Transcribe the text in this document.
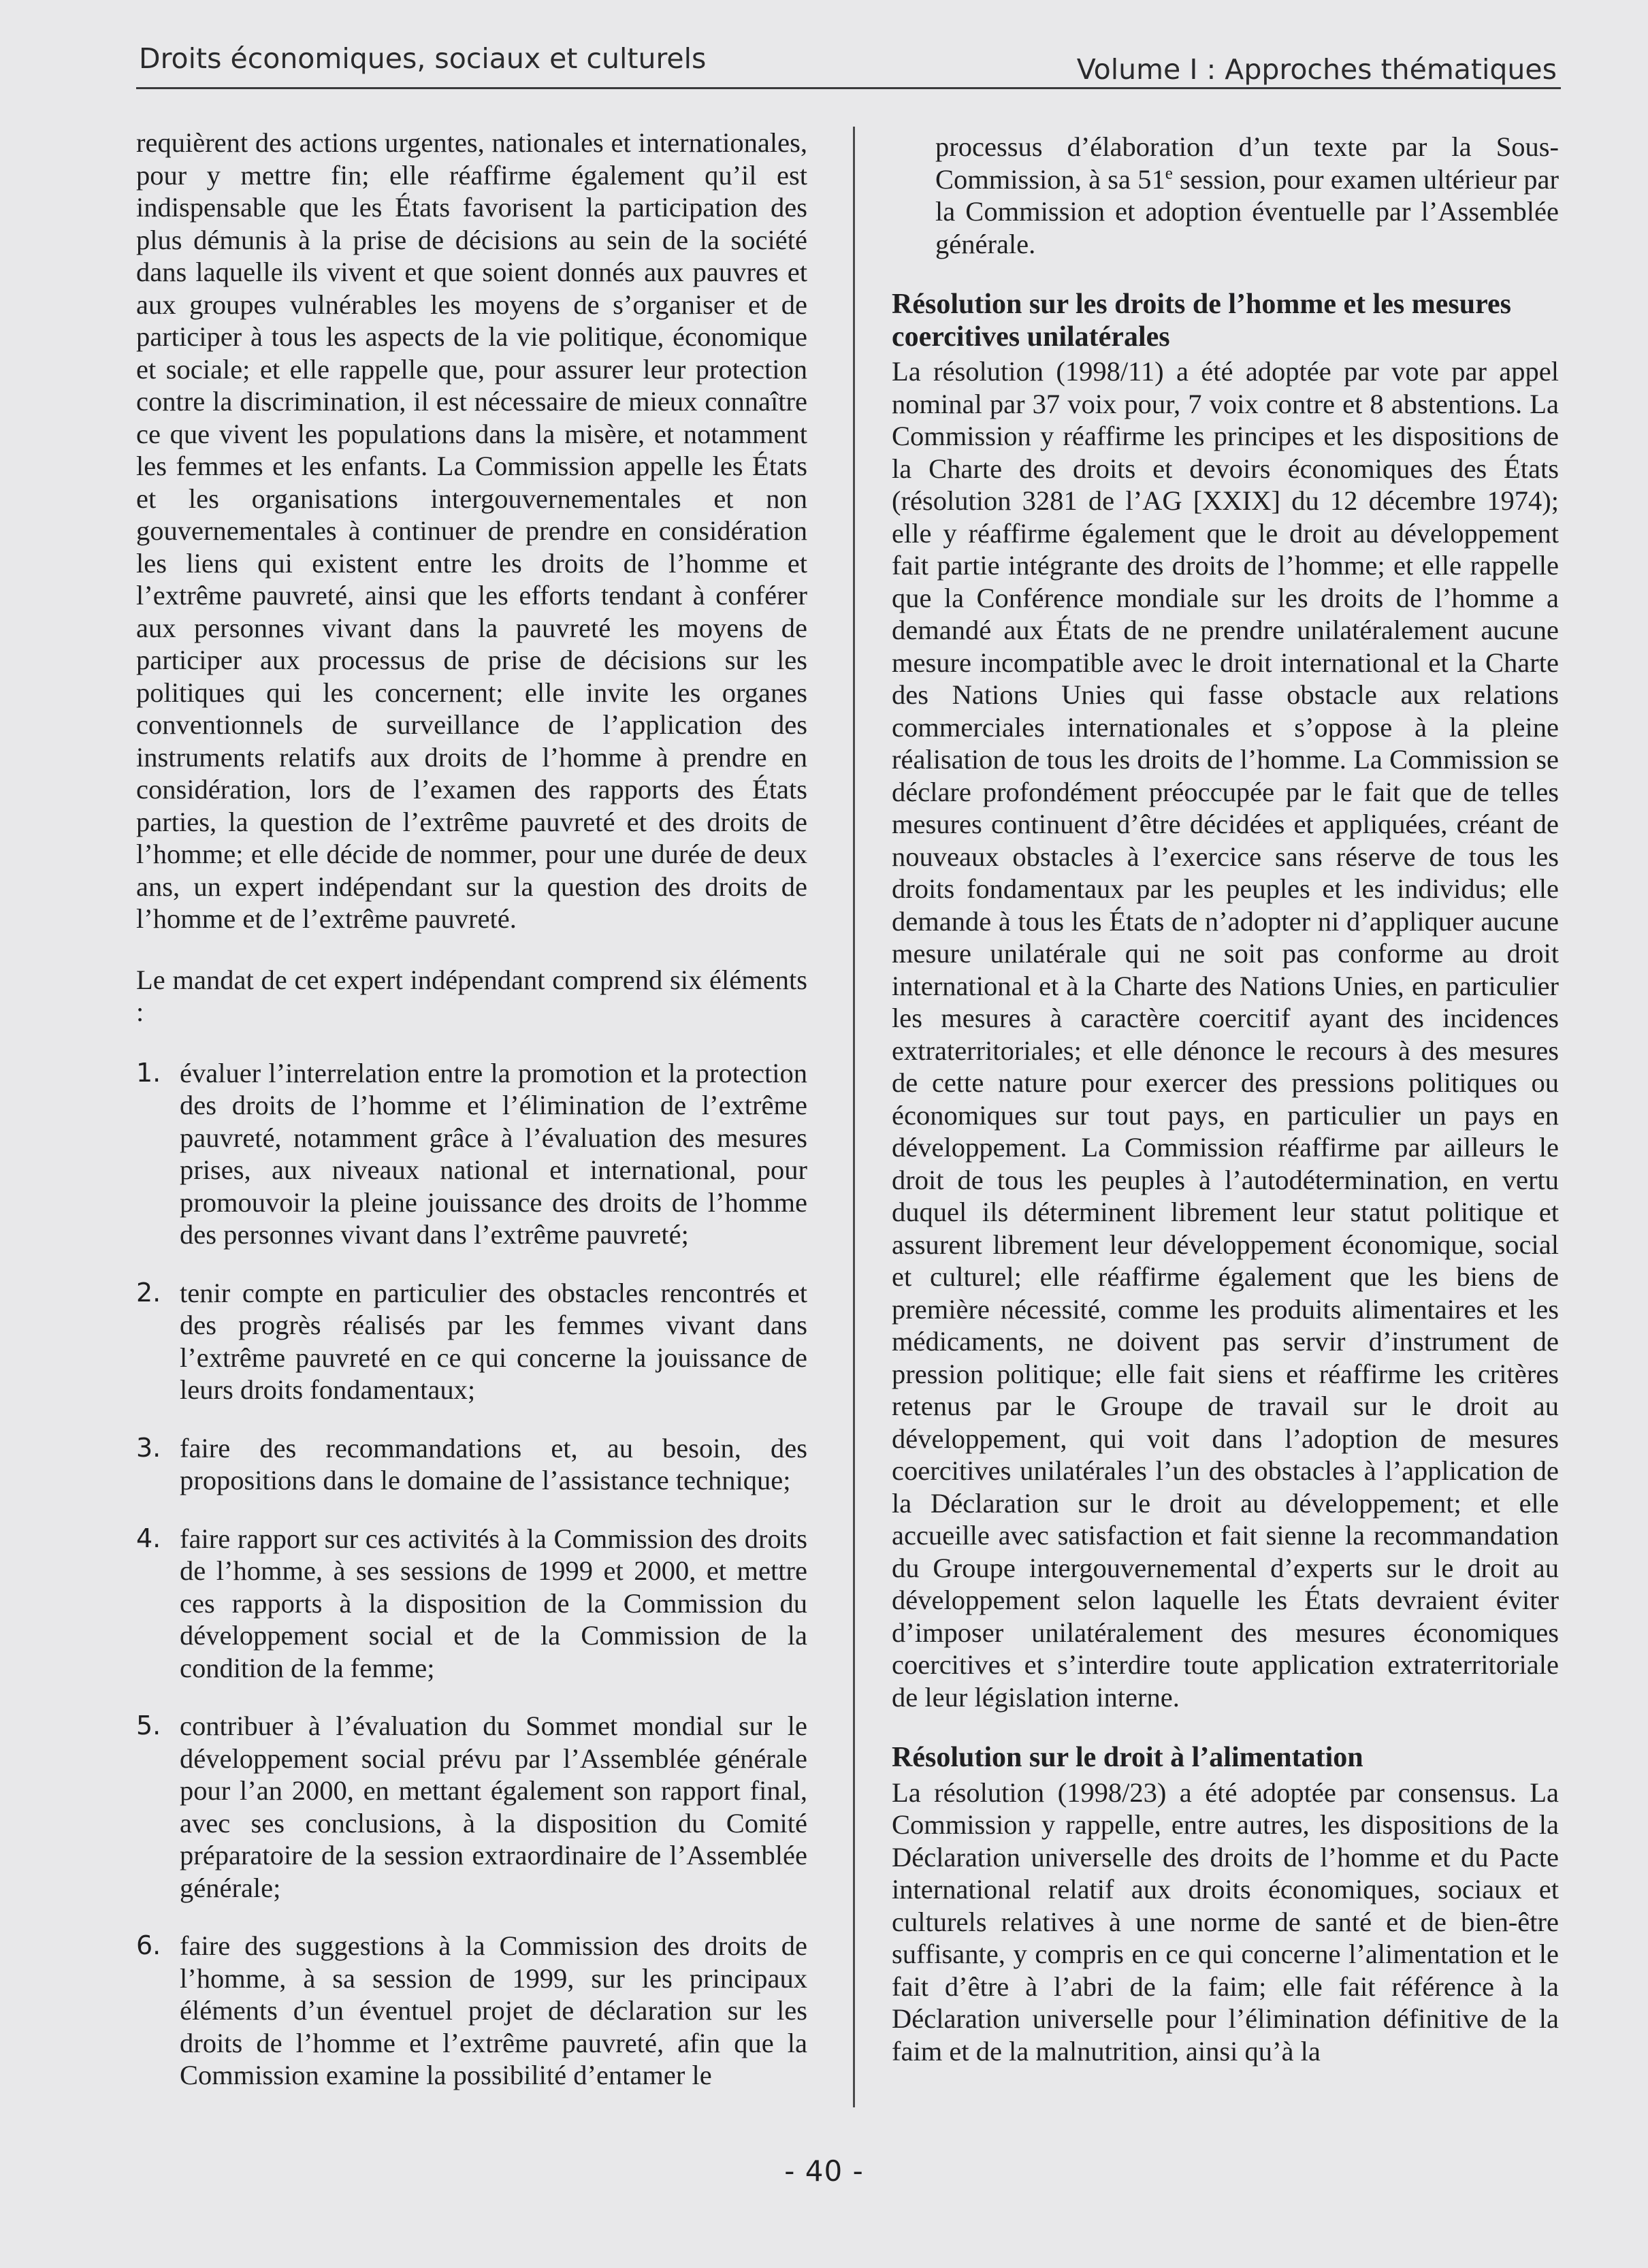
Droits économiques, sociaux et culturels	Volume I : Approches thématiques

requièrent des actions urgentes, nationales et internationales, pour y mettre fin; elle réaffirme également qu’il est indispensable que les États favorisent la participation des plus démunis à la prise de décisions au sein de la société dans laquelle ils vivent et que soient donnés aux pauvres et aux groupes vulnérables les moyens de s’organiser et de participer à tous les aspects de la vie politique, économique et sociale; et elle rappelle que, pour assurer leur protection contre la discrimination, il est nécessaire de mieux connaître ce que vivent les populations dans la misère, et notamment les femmes et les enfants. La Commission appelle les États et les organisations intergouvernementales et non gouvernementales à continuer de prendre en considération les liens qui existent entre les droits de l’homme et l’extrême pauvreté, ainsi que les efforts tendant à conférer aux personnes vivant dans la pauvreté les moyens de participer aux processus de prise de décisions sur les politiques qui les concernent; elle invite les organes conventionnels de surveillance de l’application des instruments relatifs aux droits de l’homme à prendre en considération, lors de l’examen des rapports des États parties, la question de l’extrême pauvreté et des droits de l’homme; et elle décide de nommer, pour une durée de deux ans, un expert indépendant sur la question des droits de l’homme et de l’extrême pauvreté.

Le mandat de cet expert indépendant comprend six éléments :

1. évaluer l’interrelation entre la promotion et la protection des droits de l’homme et l’élimination de l’extrême pauvreté, notamment grâce à l’évaluation des mesures prises, aux niveaux national et international, pour promouvoir la pleine jouissance des droits de l’homme des personnes vivant dans l’extrême pauvreté;
2. tenir compte en particulier des obstacles rencontrés et des progrès réalisés par les femmes vivant dans l’extrême pauvreté en ce qui concerne la jouissance de leurs droits fondamentaux;
3. faire des recommandations et, au besoin, des propositions dans le domaine de l’assistance technique;
4. faire rapport sur ces activités à la Commission des droits de l’homme, à ses sessions de 1999 et 2000, et mettre ces rapports à la disposition de la Commission du développement social et de la Commission de la condition de la femme;
5. contribuer à l’évaluation du Sommet mondial sur le développement social prévu par l’Assemblée générale pour l’an 2000, en mettant également son rapport final, avec ses conclusions, à la disposition du Comité préparatoire de la session extraordinaire de l’Assemblée générale;
6. faire des suggestions à la Commission des droits de l’homme, à sa session de 1999, sur les principaux éléments d’un éventuel projet de déclaration sur les droits de l’homme et l’extrême pauvreté, afin que la Commission examine la possibilité d’entamer le

processus d’élaboration d’un texte par la Sous-Commission, à sa 51e session, pour examen ultérieur par la Commission et adoption éventuelle par l’Assemblée générale.

Résolution sur les droits de l’homme et les mesures coercitives unilatérales

La résolution (1998/11) a été adoptée par vote par appel nominal par 37 voix pour, 7 voix contre et 8 abstentions. La Commission y réaffirme les principes et les dispositions de la Charte des droits et devoirs économiques des États (résolution 3281 de l’AG [XXIX] du 12 décembre 1974); elle y réaffirme également que le droit au développement fait partie intégrante des droits de l’homme; et elle rappelle que la Conférence mondiale sur les droits de l’homme a demandé aux États de ne prendre unilatéralement aucune mesure incompatible avec le droit international et la Charte des Nations Unies qui fasse obstacle aux relations commerciales internationales et s’oppose à la pleine réalisation de tous les droits de l’homme. La Commission se déclare profondément préoccupée par le fait que de telles mesures continuent d’être décidées et appliquées, créant de nouveaux obstacles à l’exercice sans réserve de tous les droits fondamentaux par les peuples et les individus; elle demande à tous les États de n’adopter ni d’appliquer aucune mesure unilatérale qui ne soit pas conforme au droit international et à la Charte des Nations Unies, en particulier les mesures à caractère coercitif ayant des incidences extraterritoriales; et elle dénonce le recours à des mesures de cette nature pour exercer des pressions politiques ou économiques sur tout pays, en particulier un pays en développement. La Commission réaffirme par ailleurs le droit de tous les peuples à l’autodétermination, en vertu duquel ils déterminent librement leur statut politique et assurent librement leur développement économique, social et culturel; elle réaffirme également que les biens de première nécessité, comme les produits alimentaires et les médicaments, ne doivent pas servir d’instrument de pression politique; elle fait siens et réaffirme les critères retenus par le Groupe de travail sur le droit au développement, qui voit dans l’adoption de mesures coercitives unilatérales l’un des obstacles à l’application de la Déclaration sur le droit au développement; et elle accueille avec satisfaction et fait sienne la recommandation du Groupe intergouvernemental d’experts sur le droit au développement selon laquelle les États devraient éviter d’imposer unilatéralement des mesures économiques coercitives et s’interdire toute application extraterritoriale de leur législation interne.

Résolution sur le droit à l’alimentation

La résolution (1998/23) a été adoptée par consensus. La Commission y rappelle, entre autres, les dispositions de la Déclaration universelle des droits de l’homme et du Pacte international relatif aux droits économiques, sociaux et culturels relatives à une norme de santé et de bien-être suffisante, y compris en ce qui concerne l’alimentation et le fait d’être à l’abri de la faim; elle fait référence à la Déclaration universelle pour l’élimination définitive de la faim et de la malnutrition, ainsi qu’à la

- 40 -
